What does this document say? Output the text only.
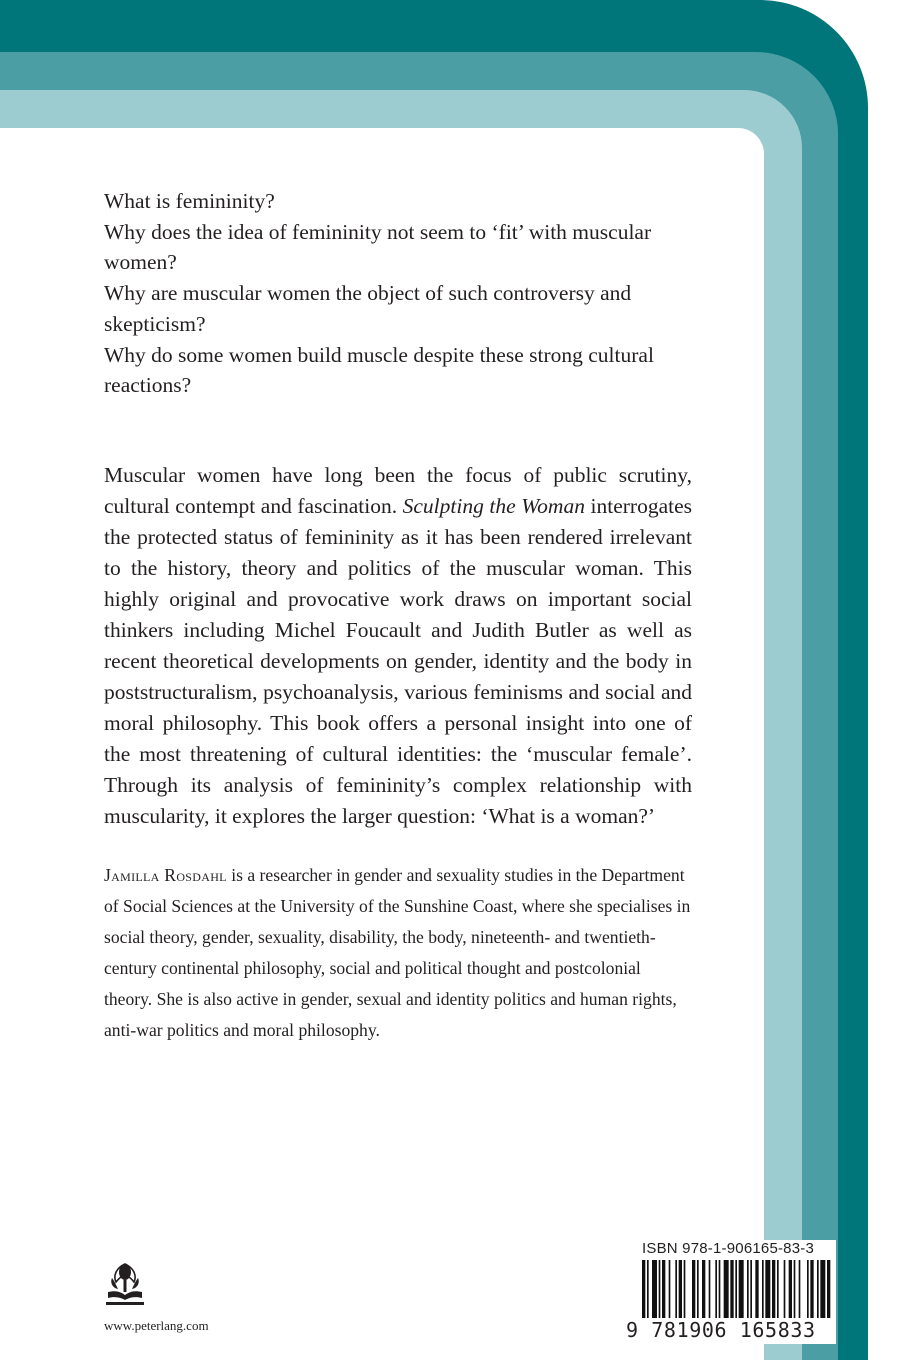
What is femininity?

Why does the idea of femininity not seem to ‘fit’ with muscular women?

Why are muscular women the object of such controversy and skepticism?

Why do some women build muscle despite these strong cultural reactions?

Muscular women have long been the focus of public scrutiny, cultural contempt and fascination. Sculpting the Woman interrogates the protected status of femininity as it has been rendered irrelevant to the history, theory and politics of the muscular woman. This highly original and provocative work draws on important social thinkers including Michel Foucault and Judith Butler as well as recent theoretical developments on gender, identity and the body in poststructuralism, psychoanalysis, various feminisms and social and moral philosophy. This book offers a personal insight into one of the most threatening of cultural identities: the ‘muscular female’. Through its analysis of femininity’s complex relationship with muscularity, it explores the larger question: ‘What is a woman?’

Jamilla Rosdahl is a researcher in gender and sexuality studies in the Department of Social Sciences at the University of the Sunshine Coast, where she specialises in social theory, gender, sexuality, disability, the body, nineteenth- and twentieth-century continental philosophy, social and political thought and postcolonial theory. She is also active in gender, sexual and identity politics and human rights, anti-war politics and moral philosophy.

www.peterlang.com
ISBN 978-1-906165-83-3
9 781906 165833
